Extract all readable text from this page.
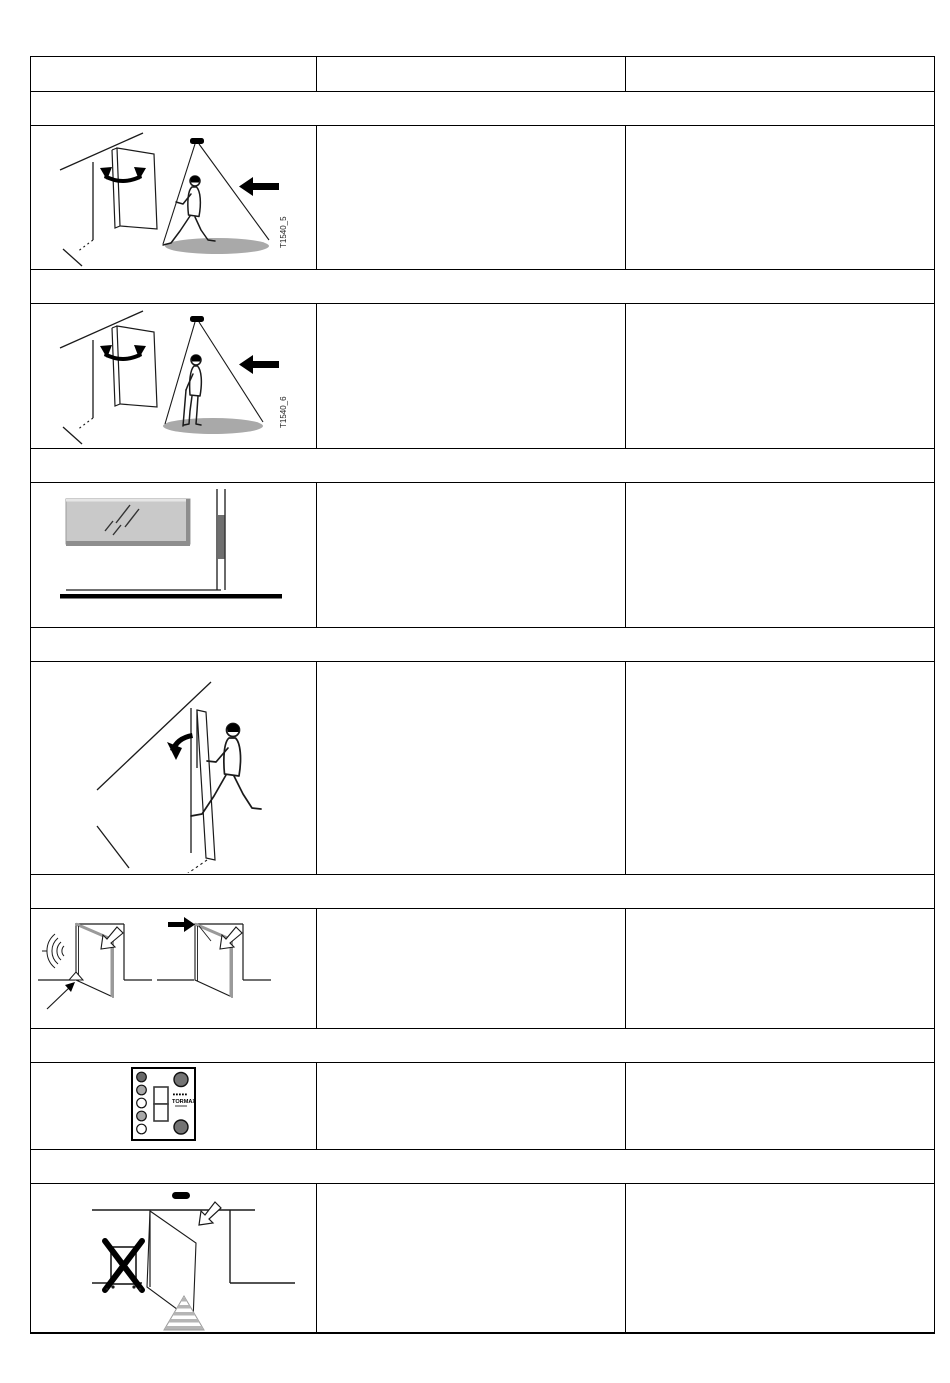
T1540_5
T1540_6
TORMAX
